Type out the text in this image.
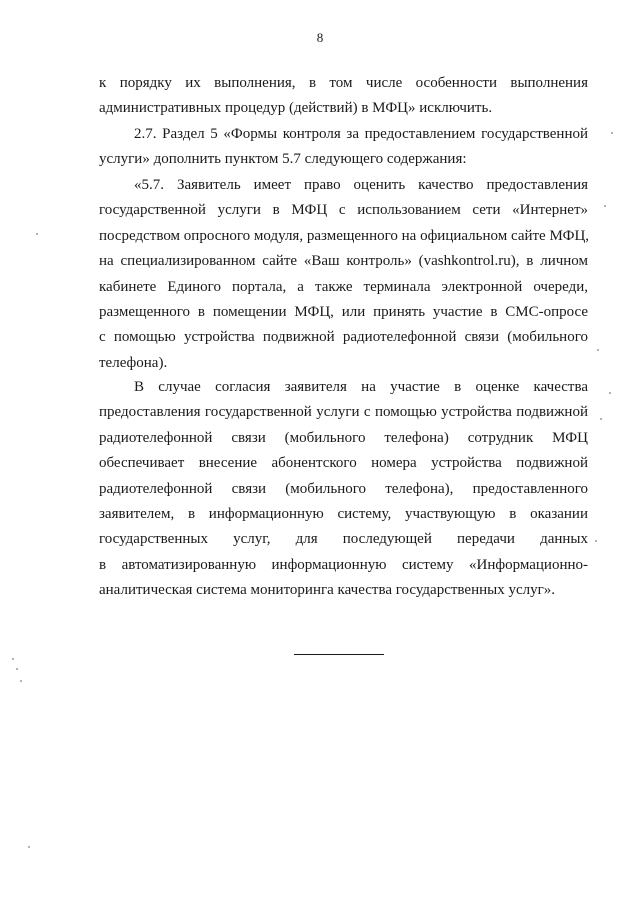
8
к порядку их выполнения, в том числе особенности выполнения
административных процедур (действий) в МФЦ» исключить.
2.7. Раздел 5 «Формы контроля за предоставлением государственной
услуги» дополнить пунктом 5.7 следующего содержания:
«5.7. Заявитель имеет право оценить качество предоставления
государственной услуги в МФЦ с использованием сети «Интернет»
посредством опросного модуля, размещенного на официальном сайте МФЦ,
на специализированном сайте «Ваш контроль» (vashkontrol.ru), в личном
кабинете Единого портала, а также терминала электронной очереди,
размещенного в помещении МФЦ, или принять участие в СМС-опросе
с помощью устройства подвижной радиотелефонной связи (мобильного
телефона).
В случае согласия заявителя на участие в оценке качества
предоставления государственной услуги с помощью устройства подвижной
радиотелефонной связи (мобильного телефона) сотрудник МФЦ
обеспечивает внесение абонентского номера устройства подвижной
радиотелефонной связи (мобильного телефона), предоставленного
заявителем, в информационную систему, участвующую в оказании
государственных услуг, для последующей передачи данных
в автоматизированную информационную систему «Информационно-
аналитическая система мониторинга качества государственных услуг».
